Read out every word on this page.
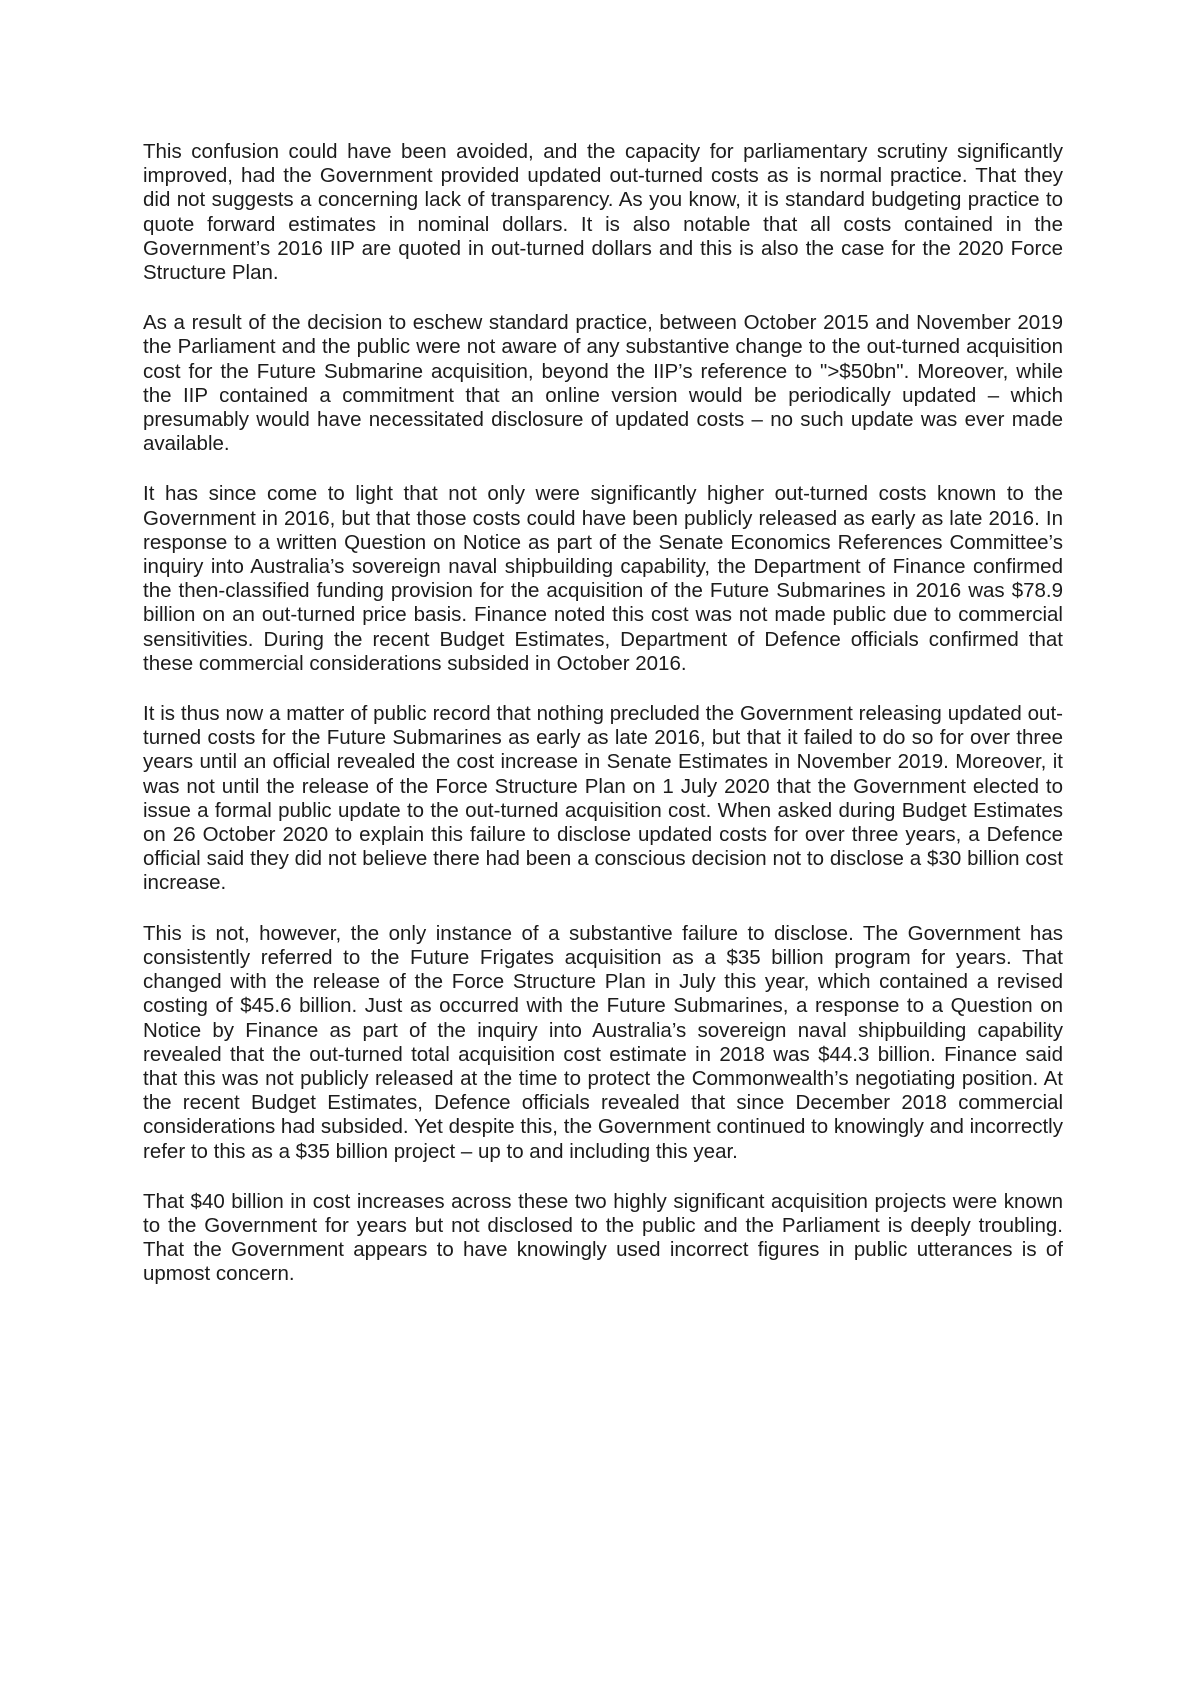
This confusion could have been avoided, and the capacity for parliamentary scrutiny significantly improved, had the Government provided updated out-turned costs as is normal practice. That they did not suggests a concerning lack of transparency. As you know, it is standard budgeting practice to quote forward estimates in nominal dollars. It is also notable that all costs contained in the Government’s 2016 IIP are quoted in out-turned dollars and this is also the case for the 2020 Force Structure Plan.

As a result of the decision to eschew standard practice, between October 2015 and November 2019 the Parliament and the public were not aware of any substantive change to the out-turned acquisition cost for the Future Submarine acquisition, beyond the IIP’s reference to ">$50bn". Moreover, while the IIP contained a commitment that an online version would be periodically updated – which presumably would have necessitated disclosure of updated costs – no such update was ever made available.

It has since come to light that not only were significantly higher out-turned costs known to the Government in 2016, but that those costs could have been publicly released as early as late 2016. In response to a written Question on Notice as part of the Senate Economics References Committee’s inquiry into Australia’s sovereign naval shipbuilding capability, the Department of Finance confirmed the then-classified funding provision for the acquisition of the Future Submarines in 2016 was $78.9 billion on an out-turned price basis. Finance noted this cost was not made public due to commercial sensitivities. During the recent Budget Estimates, Department of Defence officials confirmed that these commercial considerations subsided in October 2016.

It is thus now a matter of public record that nothing precluded the Government releasing updated out-turned costs for the Future Submarines as early as late 2016, but that it failed to do so for over three years until an official revealed the cost increase in Senate Estimates in November 2019. Moreover, it was not until the release of the Force Structure Plan on 1 July 2020 that the Government elected to issue a formal public update to the out-turned acquisition cost. When asked during Budget Estimates on 26 October 2020 to explain this failure to disclose updated costs for over three years, a Defence official said they did not believe there had been a conscious decision not to disclose a $30 billion cost increase.

This is not, however, the only instance of a substantive failure to disclose. The Government has consistently referred to the Future Frigates acquisition as a $35 billion program for years. That changed with the release of the Force Structure Plan in July this year, which contained a revised costing of $45.6 billion. Just as occurred with the Future Submarines, a response to a Question on Notice by Finance as part of the inquiry into Australia’s sovereign naval shipbuilding capability revealed that the out-turned total acquisition cost estimate in 2018 was $44.3 billion. Finance said that this was not publicly released at the time to protect the Commonwealth’s negotiating position. At the recent Budget Estimates, Defence officials revealed that since December 2018 commercial considerations had subsided. Yet despite this, the Government continued to knowingly and incorrectly refer to this as a $35 billion project – up to and including this year.

That $40 billion in cost increases across these two highly significant acquisition projects were known to the Government for years but not disclosed to the public and the Parliament is deeply troubling. That the Government appears to have knowingly used incorrect figures in public utterances is of upmost concern.
